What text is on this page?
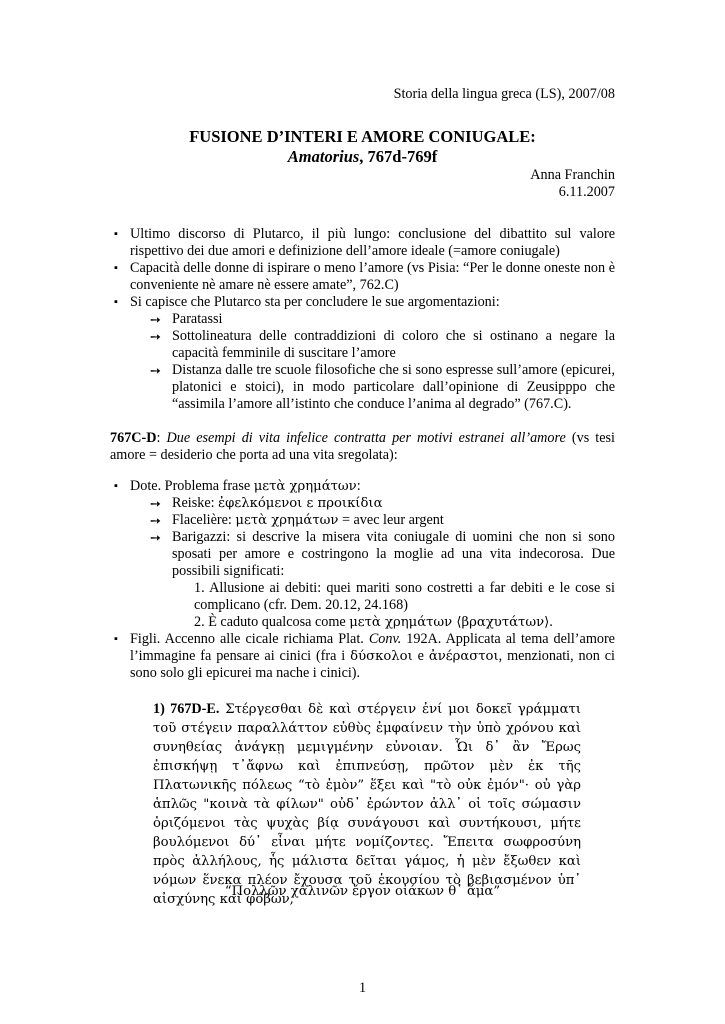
Storia della lingua greca (LS), 2007/08

FUSIONE D’INTERI E AMORE CONIUGALE:

Amatorius, 767d-769f

Anna Franchin

6.11.2007

▪ Ultimo discorso di Plutarco, il più lungo: conclusione del dibattito sul valore rispettivo dei due amori e definizione dell’amore ideale (=amore coniugale)
▪ Capacità delle donne di ispirare o meno l’amore (vs Pisia: “Per le donne oneste non è conveniente nè amare nè essere amate”, 762.C)
▪ Si capisce che Plutarco sta per concludere le sue argomentazioni:
➙ Paratassi
➙ Sottolineatura delle contraddizioni di coloro che si ostinano a negare la capacità femminile di suscitare l’amore
➙ Distanza dalle tre scuole filosofiche che si sono espresse sull’amore (epicurei, platonici e stoici), in modo particolare dall’opinione di Zeusipppo che “assimila l’amore all’istinto che conduce l’anima al degrado” (767.C).

767C-D: Due esempi di vita infelice contratta per motivi estranei all’amore (vs tesi amore = desiderio che porta ad una vita sregolata):

▪ Dote. Problema frase μετὰ χρημάτων:
➙ Reiske: ἐφελκόμενοι ε προικίδια
➙ Flacelière: μετὰ χρημάτων = avec leur argent
➙ Barigazzi: si descrive la misera vita coniugale di uomini che non si sono sposati per amore e costringono la moglie ad una vita indecorosa. Due possibili significati:
1. Allusione ai debiti: quei mariti sono costretti a far debiti e le cose si complicano (cfr. Dem. 20.12, 24.168)
2. È caduto qualcosa come μετὰ χρημάτων ⟨βραχυτάτων⟩.
▪ Figli. Accenno alle cicale richiama Plat. Conv. 192A. Applicata al tema dell’amore l’immagine fa pensare ai cinici (fra i δύσκολοι e ἀνέραστοι, menzionati, non ci sono solo gli epicurei ma nache i cinici).

1) 767D-E. Στέργεσθαι δὲ καὶ στέργειν ἐνί μοι δοκεῖ γράμματι τοῦ στέγειν παραλλάττον εὐθὺς ἐμφαίνειν τὴν ὑπὸ χρόνου καὶ συνηθείας ἀνάγκῃ μεμιγμένην εὐνοιαν. Ὧι δ᾽ ἂν Ἔρως ἐπισκήψῃ τ᾽ἄφνω καὶ ἐπιπνεύσῃ, πρῶτον μὲν ἐκ τῆς Πλατωνικῆς πόλεως “τὸ ἐμὸν” ἕξει καὶ "τὸ οὐκ ἐμόν"· οὐ γὰρ ἁπλῶς "κοινὰ τὰ φίλων" οὐδ᾽ ἐρώντον ἀλλ᾽ οἱ τοῖς σώμασιν ὁριζόμενοι τὰς ψυχὰς βίᾳ συνάγουσι καὶ συντήκουσι, μήτε βουλόμενοι δύ᾽ εἶναι μήτε νομίζοντες. Ἔπειτα σωφροσύνη πρὸς ἀλλήλους, ἧς μάλιστα δεῖται γάμος, ἡ μὲν ἔξωθεν καὶ νόμων ἕνεκα πλέον ἔχουσα τοῦ ἑκουσίου τὸ βεβιασμένον ὑπ᾽ αἰσχύνης καὶ φόβων,

“Πολλῶν χαλινῶν ἔργον οἰάκων θ᾽ ἅμα”

1
